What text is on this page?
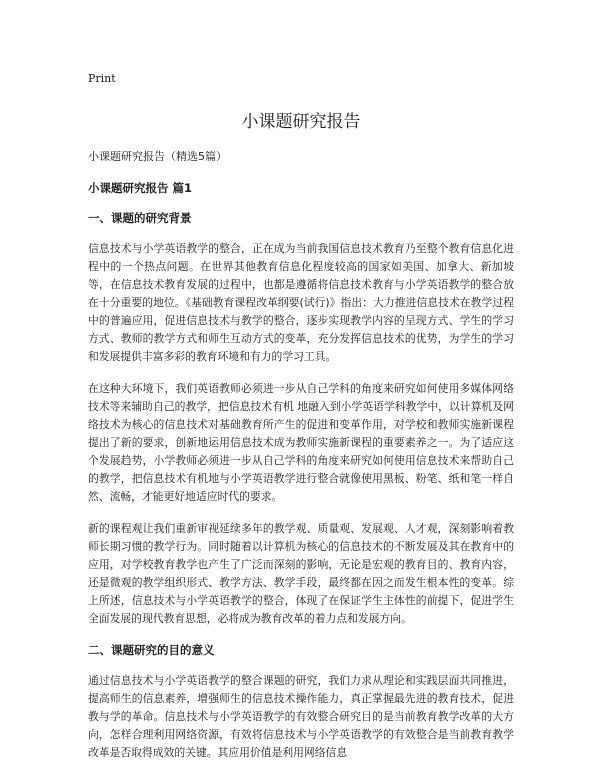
Print
小课题研究报告
小课题研究报告（精选5篇）
小课题研究报告 篇1
一、课题的研究背景

信息技术与小学英语教学的整合，正在成为当前我国信息技术教育乃至整个教育信息化进程中的一个热点问题。在世界其他教育信息化程度较高的国家如美国、加拿大、新加坡等，在信息技术教育发展的过程中，也都是遵循将信息技术教育与小学英语教学的整合放在十分重要的地位。《基础教育课程改革纲要(试行)》指出：大力推进信息技术在教学过程中的普遍应用，促进信息技术与教学的整合，逐步实现教学内容的呈现方式、学生的学习方式、教师的教学方式和师生互动方式的变革，充分发挥信息技术的优势，为学生的学习和发展提供丰富多彩的教育环境和有力的学习工具。

在这种大环境下，我们英语教师必须进一步从自己学科的角度来研究如何使用多媒体网络技术等来辅助自己的教学，把信息技术有机 地融入到小学英语学科教学中，以计算机及网络技术为核心的信息技术对基础教育所产生的促进和变革作用，对学校和教师实施新课程提出了新的要求，创新地运用信息技术成为教师实施新课程的重要素养之一。为了适应这个发展趋势，小学教师必须进一步从自己学科的角度来研究如何使用信息技术来帮助自己的教学，把信息技术有机地与小学英语教学进行整合就像使用黑板、粉笔、纸和笔一样自然、流畅，才能更好地适应时代的要求。

新的课程观让我们重新审视延续多年的教学观、质量观、发展观、人才观，深刻影响着教师长期习惯的教学行为。同时随着以计算机为核心的信息技术的不断发展及其在教育中的应用，对学校教育教学也产生了广泛而深刻的影响，无论是宏观的教育目的、教育内容，还是微观的教学组织形式、教学方法、教学手段，最终都在因之而发生根本性的变革。综上所述，信息技术与小学英语教学的整合，体现了在保证学生主体性的前提下，促进学生全面发展的现代教育思想，必将成为教育改革的着力点和发展方向。

二、课题研究的目的意义

通过信息技术与小学英语教学的整合课题的研究，我们力求从理论和实践层面共同推进，提高师生的信息素养，增强师生的信息技术操作能力，真正掌握最先进的教育技术，促进教与学的革命。信息技术与小学英语教学的有效整合研究目的是当前教育教学改革的大方向，怎样合理利用网络资源，有效将信息技术与小学英语教学的有效整合是当前教育教学改革是否取得成效的关键。其应用价值是利用网络信息
